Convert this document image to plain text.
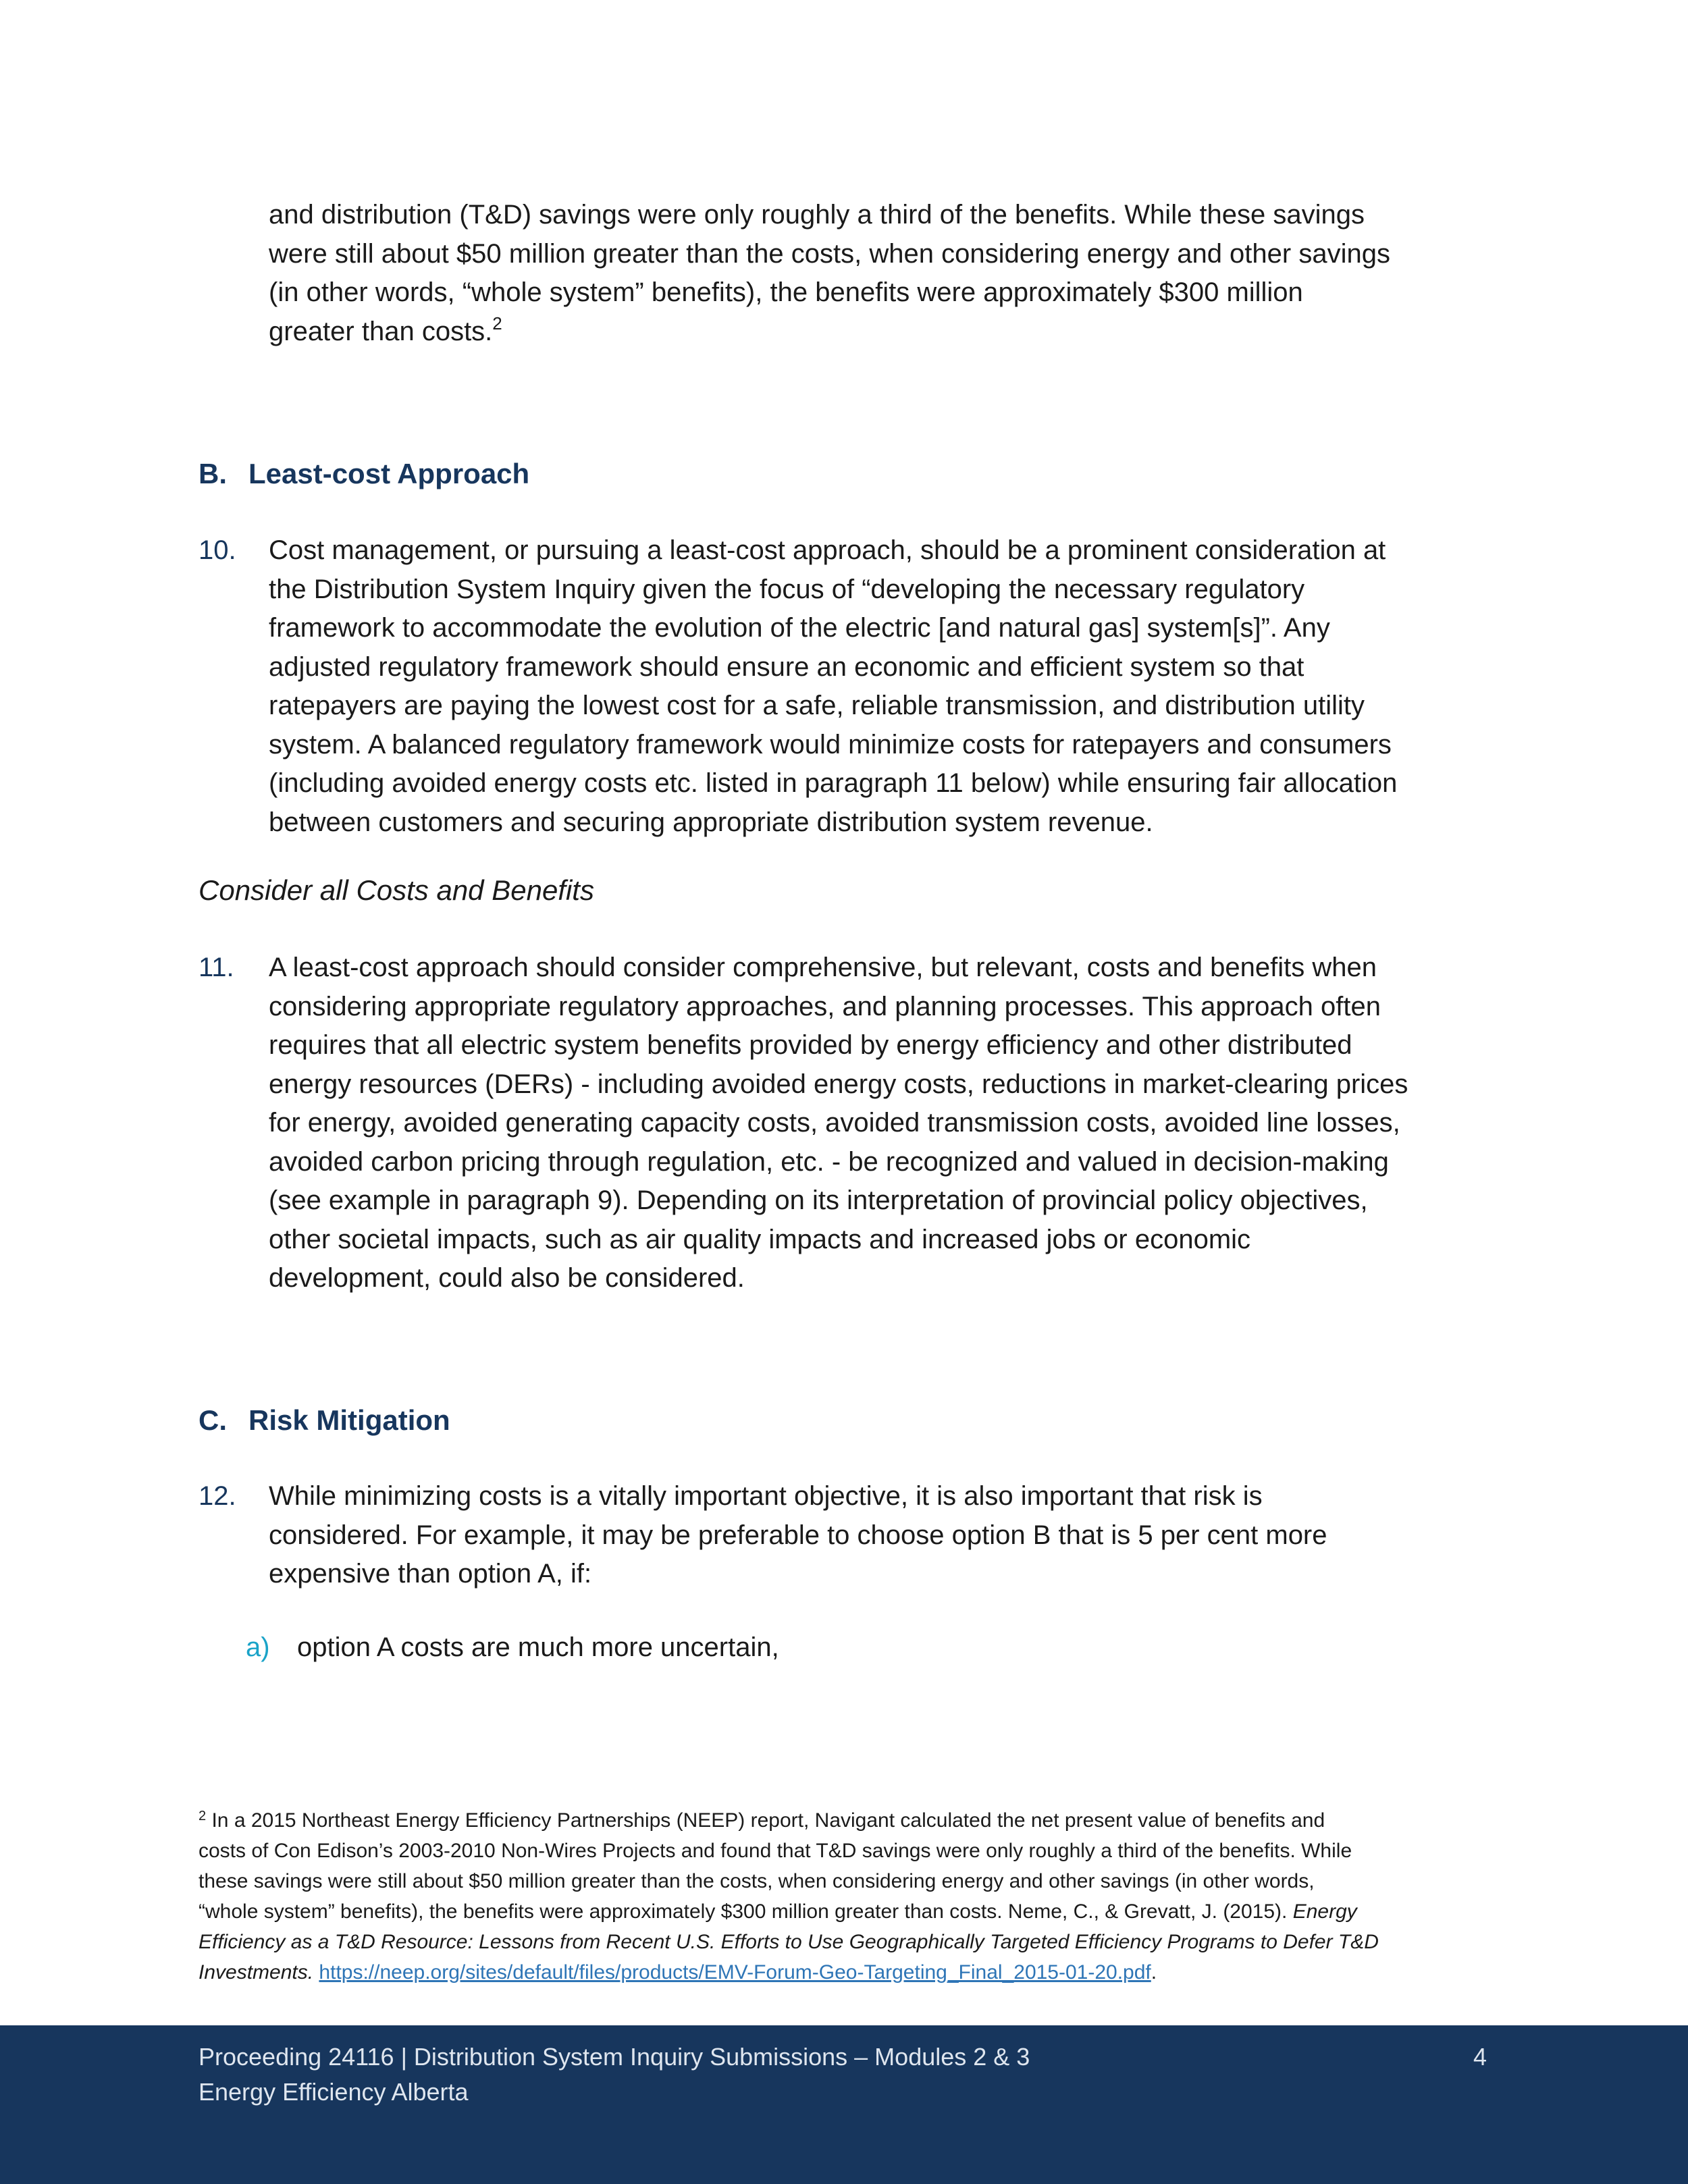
and distribution (T&D) savings were only roughly a third of the benefits. While these savings
were still about $50 million greater than the costs, when considering energy and other savings
(in other words, “whole system” benefits), the benefits were approximately $300 million
greater than costs.$^2$
B. Least-cost Approach
10. Cost management, or pursuing a least-cost approach, should be a prominent consideration at
the Distribution System Inquiry given the focus of “developing the necessary regulatory
framework to accommodate the evolution of the electric [and natural gas] system[s]”. Any
adjusted regulatory framework should ensure an economic and efficient system so that
ratepayers are paying the lowest cost for a safe, reliable transmission, and distribution utility
system. A balanced regulatory framework would minimize costs for ratepayers and consumers
(including avoided energy costs etc. listed in paragraph 11 below) while ensuring fair allocation
between customers and securing appropriate distribution system revenue.
Consider all Costs and Benefits
11. A least-cost approach should consider comprehensive, but relevant, costs and benefits when
considering appropriate regulatory approaches, and planning processes. This approach often
requires that all electric system benefits provided by energy efficiency and other distributed
energy resources (DERs) - including avoided energy costs, reductions in market-clearing prices
for energy, avoided generating capacity costs, avoided transmission costs, avoided line losses,
avoided carbon pricing through regulation, etc. - be recognized and valued in decision-making
(see example in paragraph 9). Depending on its interpretation of provincial policy objectives,
other societal impacts, such as air quality impacts and increased jobs or economic
development, could also be considered.
C. Risk Mitigation
12. While minimizing costs is a vitally important objective, it is also important that risk is
considered. For example, it may be preferable to choose option B that is 5 per cent more
expensive than option A, if:
a) option A costs are much more uncertain,
$^2$ In a 2015 Northeast Energy Efficiency Partnerships (NEEP) report, Navigant calculated the net present value of benefits and
costs of Con Edison’s 2003-2010 Non-Wires Projects and found that T&D savings were only roughly a third of the benefits. While
these savings were still about $50 million greater than the costs, when considering energy and other savings (in other words,
“whole system” benefits), the benefits were approximately $300 million greater than costs. Neme, C., & Grevatt, J. (2015). Energy
Efficiency as a T&D Resource: Lessons from Recent U.S. Efforts to Use Geographically Targeted Efficiency Programs to Defer T&D
Investments. https://neep.org/sites/default/files/products/EMV-Forum-Geo-Targeting_Final_2015-01-20.pdf.
Proceeding 24116 | Distribution System Inquiry Submissions – Modules 2 & 3
Energy Efficiency Alberta
4
